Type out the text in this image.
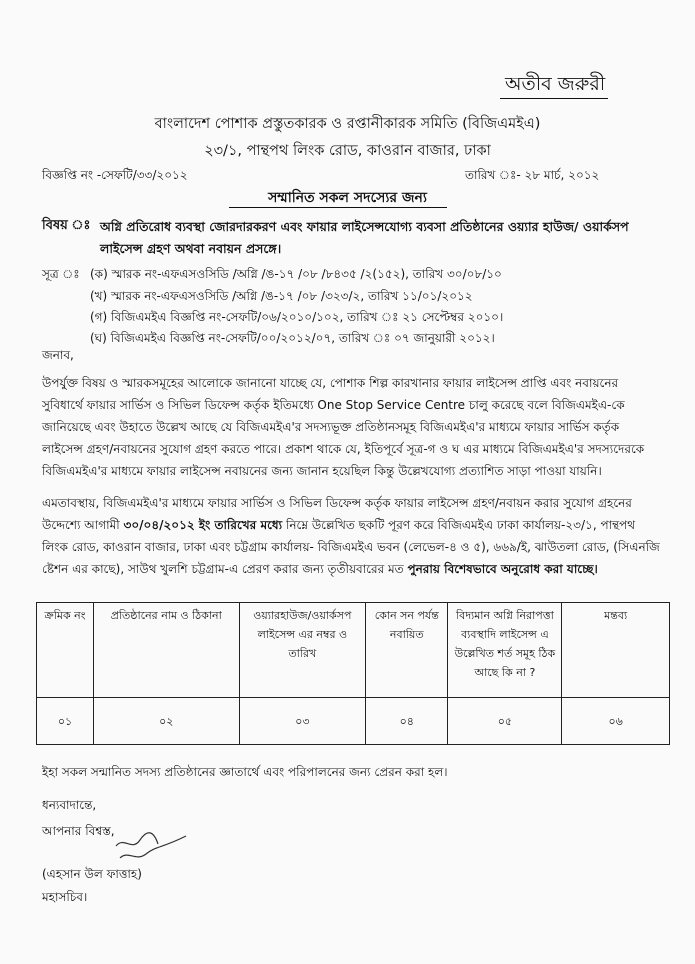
অতীব জরুরী
বাংলাদেশ পোশাক প্রস্তুতকারক ও রপ্তানীকারক সমিতি (বিজিএমইএ)
২৩/১, পান্থপথ লিংক রোড, কাওরান বাজার, ঢাকা
বিজ্ঞপ্তি নং -সেফটি/৩৩/২০১২	তারিখ ঃ- ২৮ মার্চ, ২০১২
সম্মানিত সকল সদস্যের জন্য
বিষয় ঃ অগ্নি প্রতিরোধ ব্যবস্থা জোরদারকরণ এবং ফায়ার লাইসেন্সযোগ্য ব্যবসা প্রতিষ্ঠানের ওয়্যার হাউজ/ ওয়ার্কসপ লাইসেন্স গ্রহণ অথবা নবায়ন প্রসঙ্গে।
সূত্র ঃ (ক) স্মারক নং-এফএসওসিডি /অগ্নি /ঙ-১৭ /০৮ /৮৪৩৫ /২(১৫২), তারিখ ৩০/০৮/১০
(খ) স্মারক নং-এফএসওসিডি /অগ্নি /ঙ-১৭ /০৮ /৩২৩/২, তারিখ ১১/০১/২০১২
(গ) বিজিএমইএ বিজ্ঞপ্তি নং-সেফটি/০৬/২০১০/১০২, তারিখ ঃ ২১ সেপ্টেম্বর ২০১০।
(ঘ) বিজিএমইএ বিজ্ঞপ্তি নং-সেফটি/০০/২০১২/০৭, তারিখ ঃ ০৭ জানুয়ারী ২০১২।
জনাব,
উপর্যুক্ত বিষয় ও স্মারকসমূহের আলোকে জানানো যাচ্ছে যে, পোশাক শিল্প কারখানার ফায়ার লাইসেন্স প্রাপ্তি এবং নবায়নের সুবিধার্থে ফায়ার সার্ভিস ও সিভিল ডিফেন্স কর্তৃক ইতিমধ্যে One Stop Service Centre চালু করেছে বলে বিজিএমইএ-কে জানিয়েছে এবং উহাতে উল্লেখ আছে যে বিজিএমইএ'র সদস্যভূক্ত প্রতিষ্ঠানসমূহ বিজিএমইএ'র মাধ্যমে ফায়ার সার্ভিস কর্তৃক লাইসেন্স গ্রহণ/নবায়নের সুযোগ গ্রহণ করতে পারে। প্রকাশ থাকে যে, ইতিপূর্বে সূত্র-গ ও ঘ এর মাধ্যমে বিজিএমইএ'র সদস্যদেরকে বিজিএমইএ'র মাধ্যমে ফায়ার লাইসেন্স নবায়নের জন্য জানান হয়েছিল কিন্তু উল্লেখযোগ্য প্রত্যাশিত সাড়া পাওয়া যায়নি।
এমতাবস্থায়, বিজিএমইএ'র মাধ্যমে ফায়ার সার্ভিস ও সিভিল ডিফেন্স কর্তৃক ফায়ার লাইসেন্স গ্রহণ/নবায়ন করার সুযোগ গ্রহনের উদ্দেশ্যে আগামী ৩০/০৪/২০১২ ইং তারিখের মধ্যে নিম্নে উল্লেখিত ছকটি পূরণ করে বিজিএমইএ ঢাকা কার্যালয়-২৩/১, পান্থপথ লিংক রোড, কাওরান বাজার, ঢাকা এবং চট্টগ্রাম কার্যালয়- বিজিএমইএ ভবন (লেভেল-৪ ও ৫), ৬৬৯/ই, ঝাউতলা রোড, (সিএনজি ষ্টেশন এর কাছে), সাউথ খুলশি চট্টগ্রাম-এ প্রেরণ করার জন্য তৃতীয়বারের মত পুনরায় বিশেষভাবে অনুরোধ করা যাচ্ছে।
ক্রমিক নং	প্রতিষ্ঠানের নাম ও ঠিকানা	ওয়্যারহাউজ/ওয়ার্কসপ লাইসেন্স এর নম্বর ও তারিখ	কোন সন পর্যন্ত নবায়িত	বিদ্যমান অগ্নি নিরাপত্তা ব্যবস্থাদি লাইসেন্স এ উল্লেখিত শর্ত সমূহ ঠিক আছে কি না ?	মন্তব্য
০১	০২	০৩	০৪	০৫	০৬
ইহা সকল সন্মানিত সদস্য প্রতিষ্ঠানের জ্ঞাতার্থে এবং পরিপালনের জন্য প্রেরন করা হল।
ধন্যবাদান্তে,
আপনার বিশ্বস্ত,
(এহসান উল ফাত্তাহ)
মহাসচিব।
